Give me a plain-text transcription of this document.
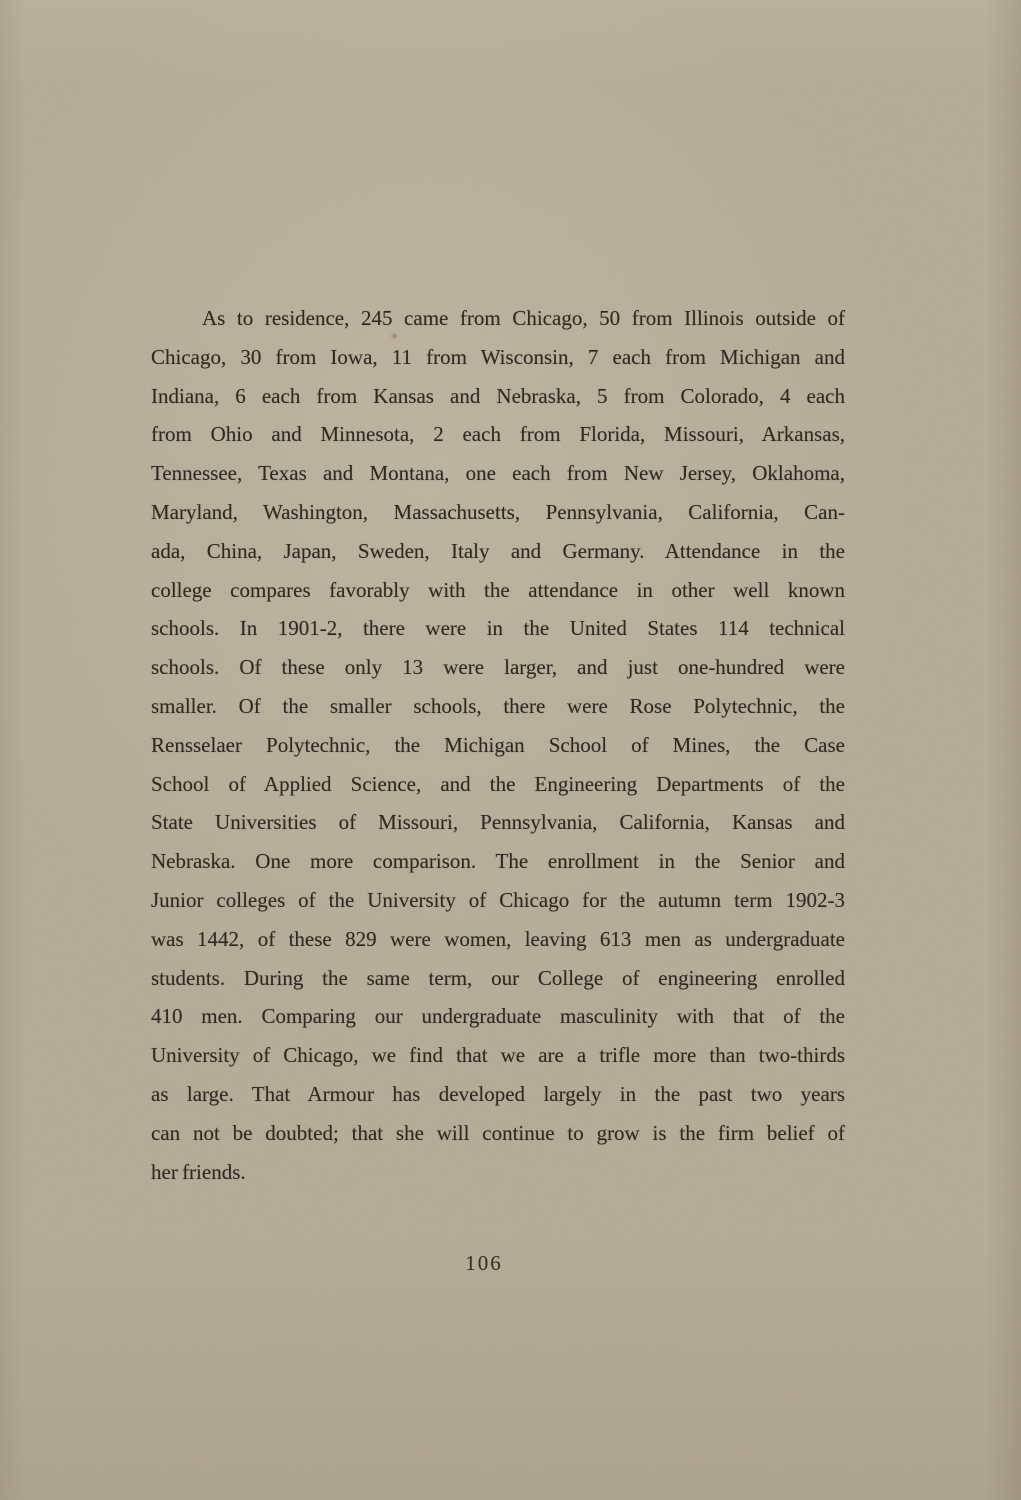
As to residence, 245 came from Chicago, 50 from Illinois outside of
Chicago, 30 from Iowa, 11 from Wisconsin, 7 each from Michigan and
Indiana, 6 each from Kansas and Nebraska, 5 from Colorado, 4 each
from Ohio and Minnesota, 2 each from Florida, Missouri, Arkansas,
Tennessee, Texas and Montana, one each from New Jersey, Oklahoma,
Maryland, Washington, Massachusetts, Pennsylvania, California, Can-
ada, China, Japan, Sweden, Italy and Germany. Attendance in the
college compares favorably with the attendance in other well known
schools. In 1901-2, there were in the United States 114 technical
schools. Of these only 13 were larger, and just one-hundred were
smaller. Of the smaller schools, there were Rose Polytechnic, the
Rensselaer Polytechnic, the Michigan School of Mines, the Case
School of Applied Science, and the Engineering Departments of the
State Universities of Missouri, Pennsylvania, California, Kansas and
Nebraska. One more comparison. The enrollment in the Senior and
Junior colleges of the University of Chicago for the autumn term 1902-3
was 1442, of these 829 were women, leaving 613 men as undergraduate
students. During the same term, our College of engineering enrolled
410 men. Comparing our undergraduate masculinity with that of the
University of Chicago, we find that we are a trifle more than two-thirds
as large. That Armour has developed largely in the past two years
can not be doubted; that she will continue to grow is the firm belief of
her friends.
106
